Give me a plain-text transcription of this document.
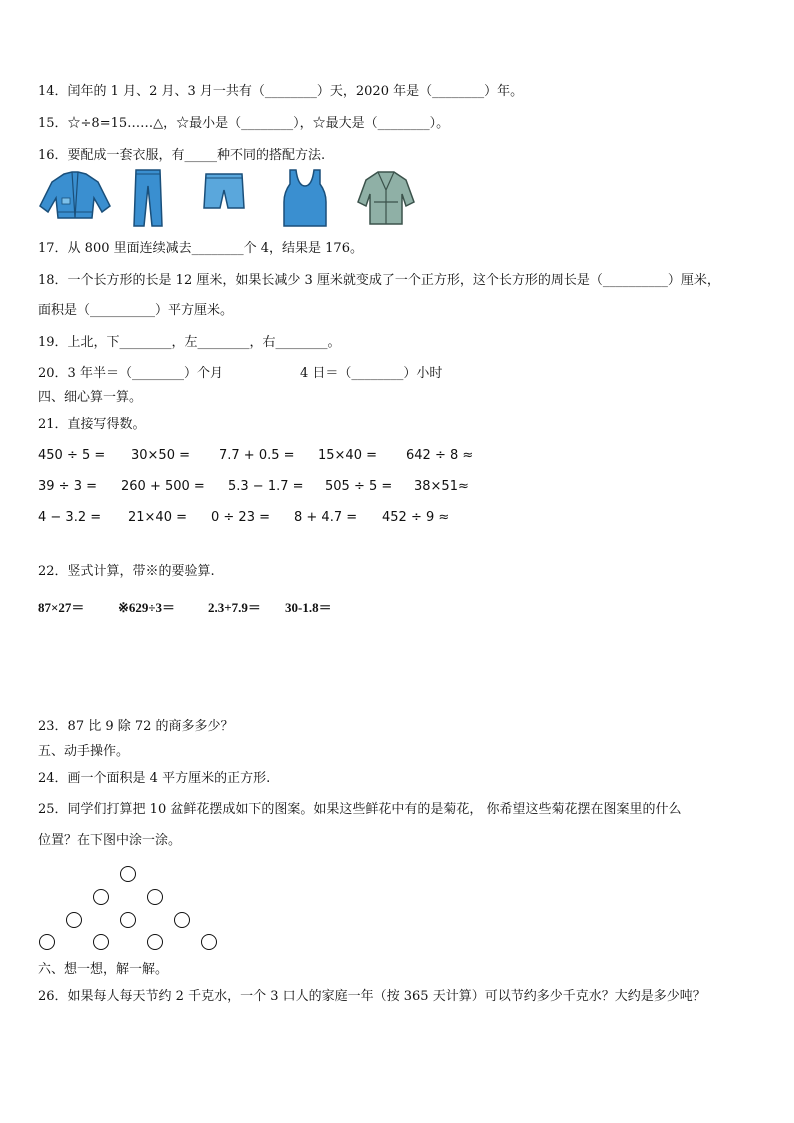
14．闰年的 1 月、2 月、3 月一共有（________）天，2020 年是（________）年。
15．☆÷8=15……△，☆最小是（________），☆最大是（________）。
16．要配成一套衣服，有_____种不同的搭配方法.
17．从 800 里面连续减去________个 4，结果是 176。
18．一个长方形的长是 12 厘米，如果长减少 3 厘米就变成了一个正方形，这个长方形的周长是（__________）厘米，
面积是（__________）平方厘米。
19．上北，下________，左________，右________。
20．3 年半＝（________）个月	4 日＝（________）小时
四、细心算一算。
21．直接写得数。
450 ÷ 5 = 30×50 = 7.7 + 0.5 = 15×40 = 642 ÷ 8 ≈
39 ÷ 3 = 260 + 500 = 5.3 − 1.7 = 505 ÷ 5 = 38×51≈
4 − 3.2 = 21×40 = 0 ÷ 23 = 8 + 4.7 = 452 ÷ 9 ≈
22．竖式计算，带※的要验算.
87×27＝	※629÷3＝	2.3+7.9＝ 30-1.8＝
23．87 比 9 除 72 的商多多少？
五、动手操作。
24．画一个面积是 4 平方厘米的正方形.
25．同学们打算把 10 盆鲜花摆成如下的图案。如果这些鲜花中有的是菊花， 你希望这些菊花摆在图案里的什么
位置？在下图中涂一涂。
六、想一想，解一解。
26．如果每人每天节约 2 千克水，一个 3 口人的家庭一年（按 365 天计算）可以节约多少千克水？大约是多少吨？
